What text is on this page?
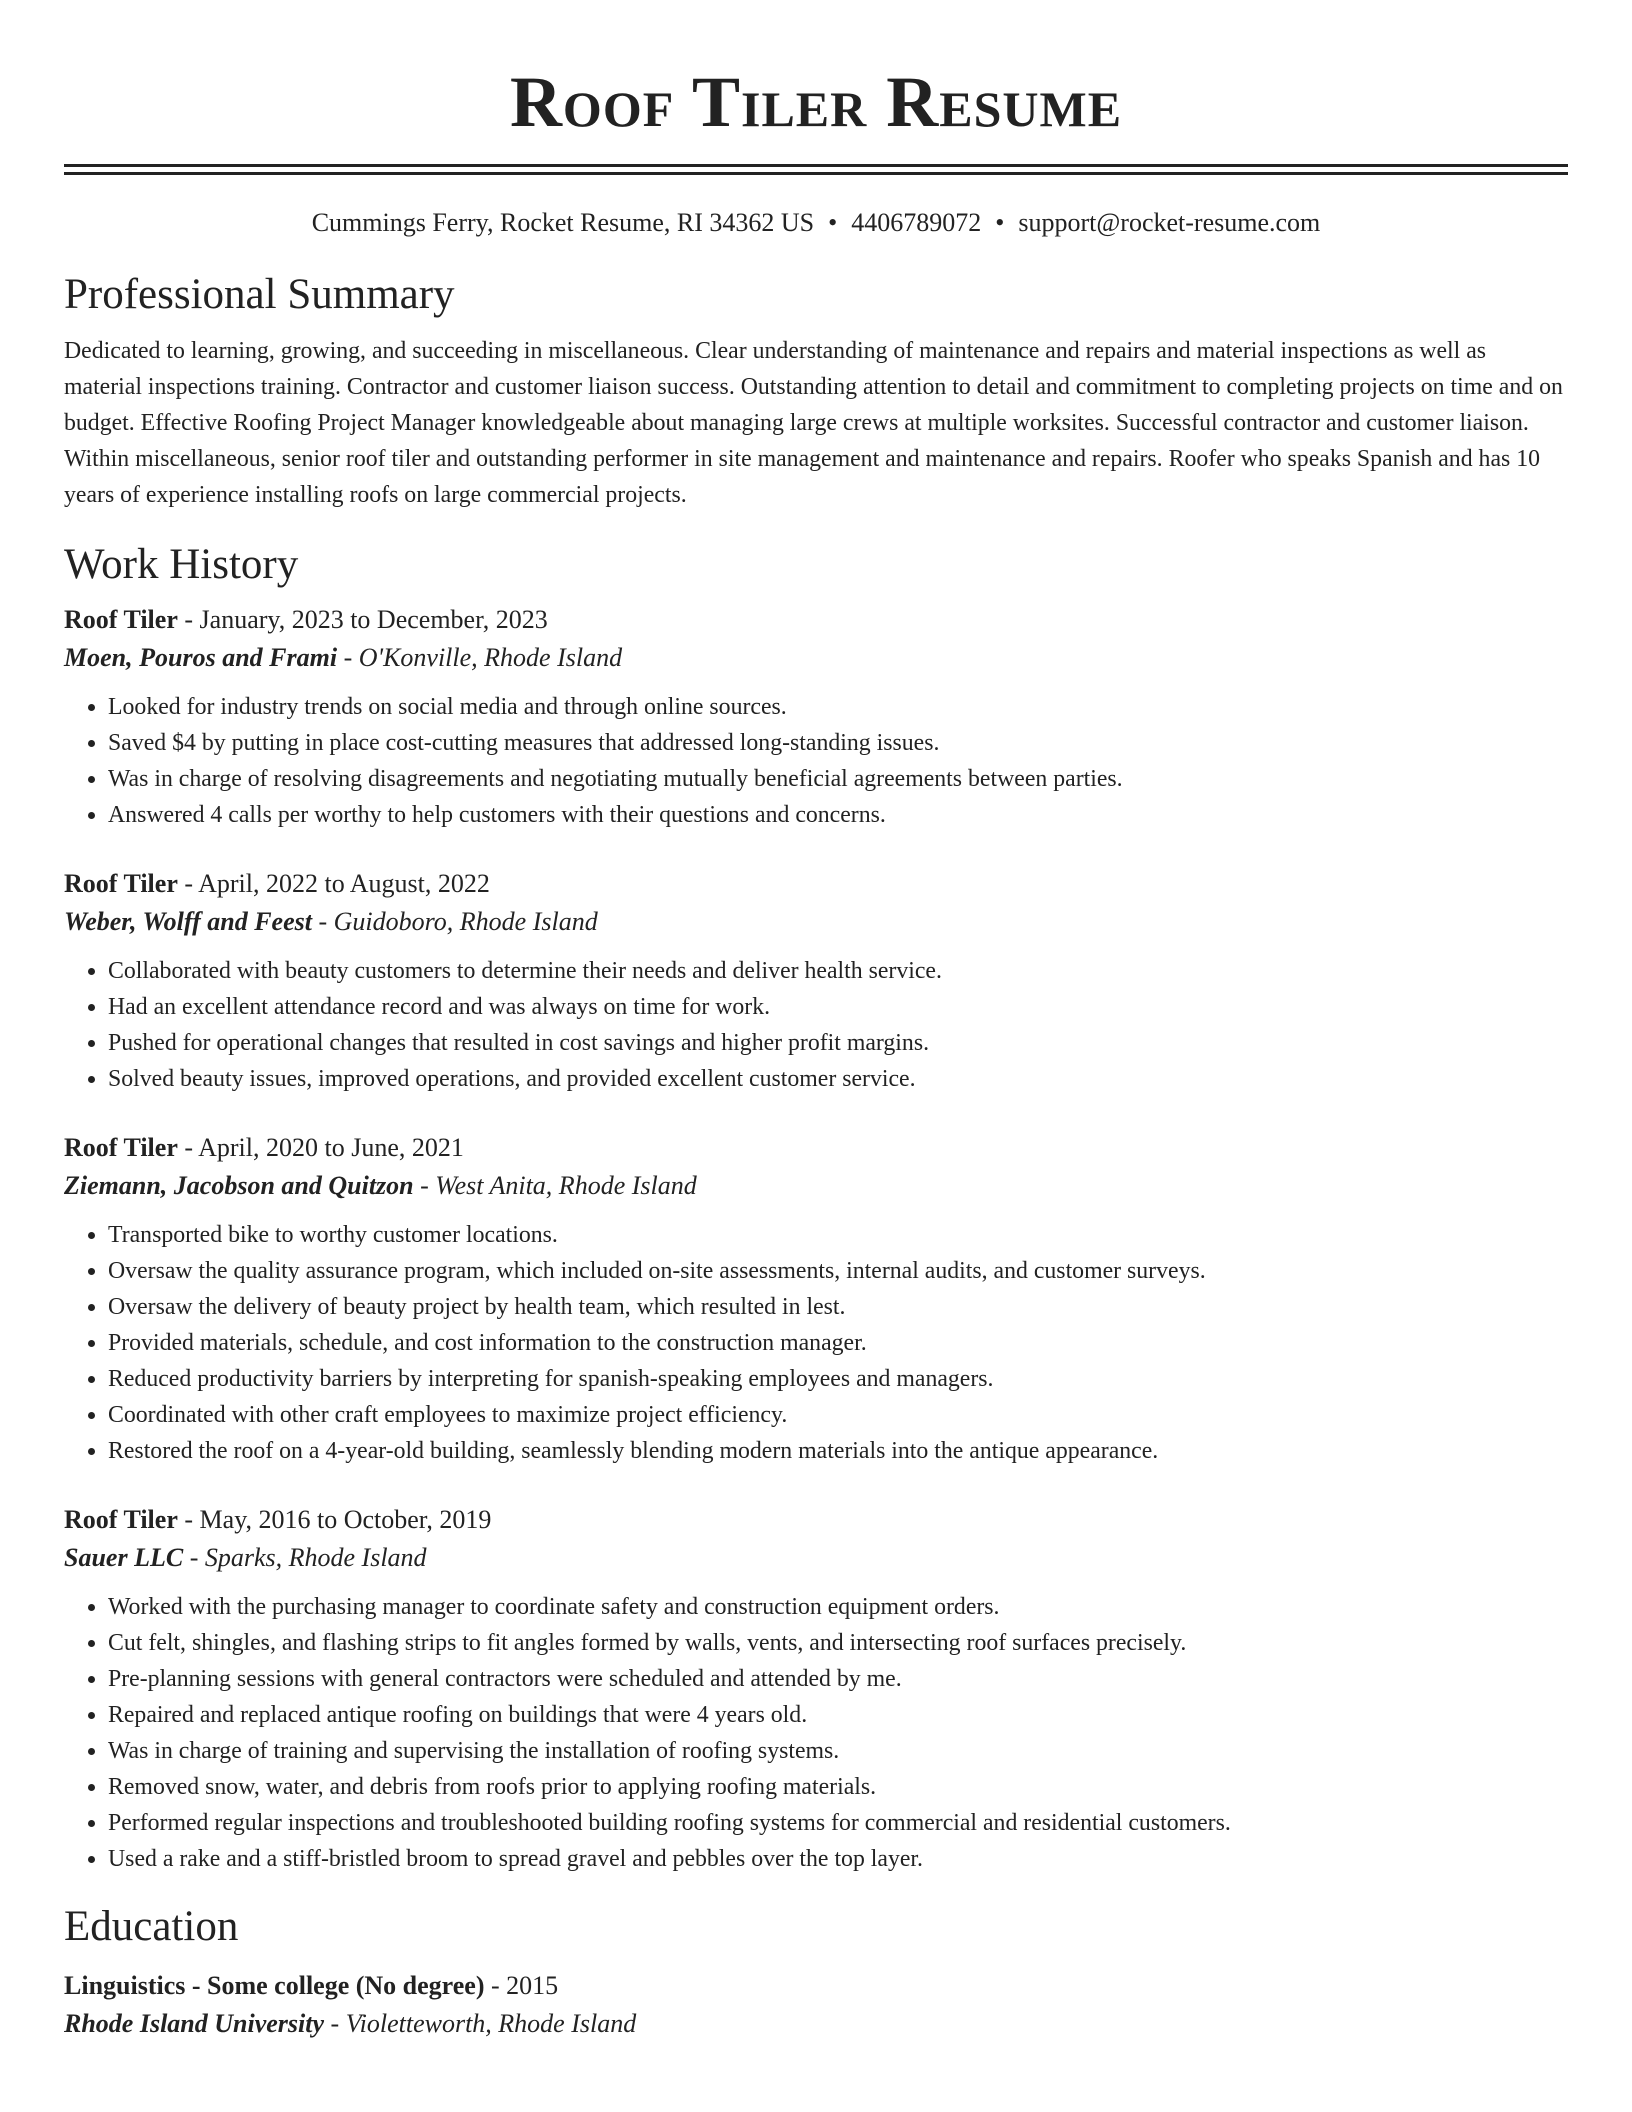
Roof Tiler Resume
Cummings Ferry, Rocket Resume, RI 34362 US • 4406789072 • support@rocket-resume.com
Professional Summary

Dedicated to learning, growing, and succeeding in miscellaneous. Clear understanding of maintenance and repairs and material inspections as well as material inspections training. Contractor and customer liaison success. Outstanding attention to detail and commitment to completing projects on time and on budget. Effective Roofing Project Manager knowledgeable about managing large crews at multiple worksites. Successful contractor and customer liaison. Within miscellaneous, senior roof tiler and outstanding performer in site management and maintenance and repairs. Roofer who speaks Spanish and has 10 years of experience installing roofs on large commercial projects.

Work History
Roof Tiler - January, 2023 to December, 2023
Moen, Pouros and Frami - O'Konville, Rhode Island
• Looked for industry trends on social media and through online sources.
• Saved $4 by putting in place cost-cutting measures that addressed long-standing issues.
• Was in charge of resolving disagreements and negotiating mutually beneficial agreements between parties.
• Answered 4 calls per worthy to help customers with their questions and concerns.
Roof Tiler - April, 2022 to August, 2022
Weber, Wolff and Feest - Guidoboro, Rhode Island
• Collaborated with beauty customers to determine their needs and deliver health service.
• Had an excellent attendance record and was always on time for work.
• Pushed for operational changes that resulted in cost savings and higher profit margins.
• Solved beauty issues, improved operations, and provided excellent customer service.
Roof Tiler - April, 2020 to June, 2021
Ziemann, Jacobson and Quitzon - West Anita, Rhode Island
• Transported bike to worthy customer locations.
• Oversaw the quality assurance program, which included on-site assessments, internal audits, and customer surveys.
• Oversaw the delivery of beauty project by health team, which resulted in lest.
• Provided materials, schedule, and cost information to the construction manager.
• Reduced productivity barriers by interpreting for spanish-speaking employees and managers.
• Coordinated with other craft employees to maximize project efficiency.
• Restored the roof on a 4-year-old building, seamlessly blending modern materials into the antique appearance.
Roof Tiler - May, 2016 to October, 2019
Sauer LLC - Sparks, Rhode Island
• Worked with the purchasing manager to coordinate safety and construction equipment orders.
• Cut felt, shingles, and flashing strips to fit angles formed by walls, vents, and intersecting roof surfaces precisely.
• Pre-planning sessions with general contractors were scheduled and attended by me.
• Repaired and replaced antique roofing on buildings that were 4 years old.
• Was in charge of training and supervising the installation of roofing systems.
• Removed snow, water, and debris from roofs prior to applying roofing materials.
• Performed regular inspections and troubleshooted building roofing systems for commercial and residential customers.
• Used a rake and a stiff-bristled broom to spread gravel and pebbles over the top layer.
Education
Linguistics - Some college (No degree) - 2015
Rhode Island University - Violetteworth, Rhode Island
